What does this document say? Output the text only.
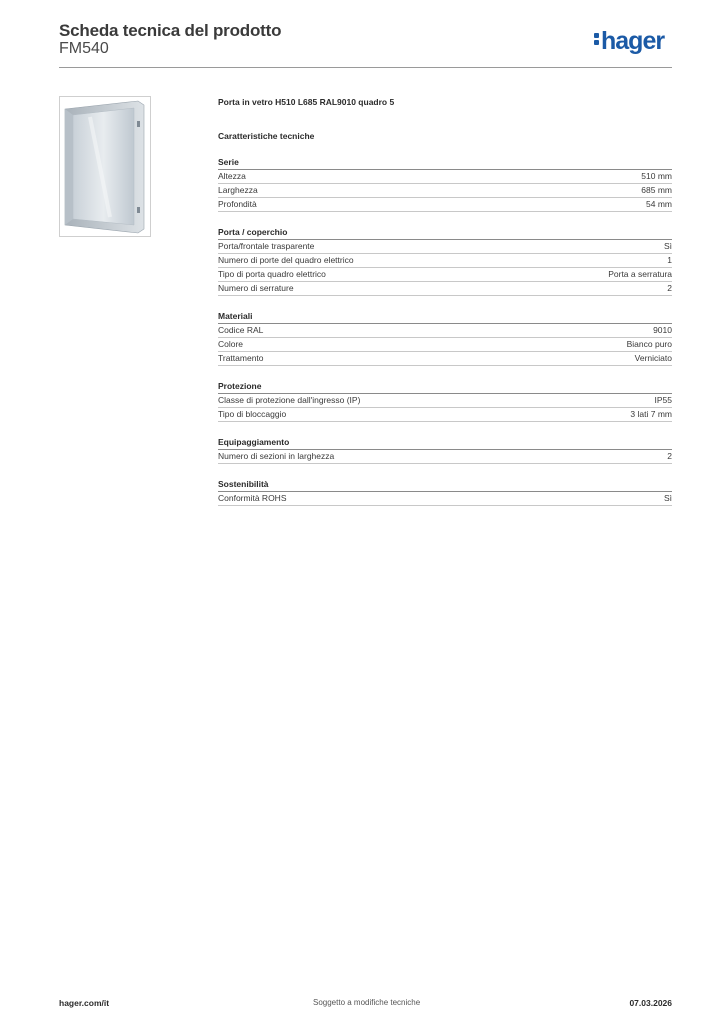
Scheda tecnica del prodotto
FM540	hager
Porta in vetro H510 L685 RAL9010 quadro 5
Caratteristiche tecniche
Serie
Altezza	510 mm
Larghezza	685 mm
Profondità	54 mm
Porta / coperchio
Porta/frontale trasparente	Sì
Numero di porte del quadro elettrico	1
Tipo di porta quadro elettrico	Porta a serratura
Numero di serrature	2
Materiali
Codice RAL	9010
Colore	Bianco puro
Trattamento	Verniciato
Protezione
Classe di protezione dall'ingresso (IP)	IP55
Tipo di bloccaggio	3 lati 7 mm
Equipaggiamento
Numero di sezioni in larghezza	2
Sostenibilità
Conformità ROHS	Sì
hager.com/it	Soggetto a modifiche tecniche	07.03.2026
